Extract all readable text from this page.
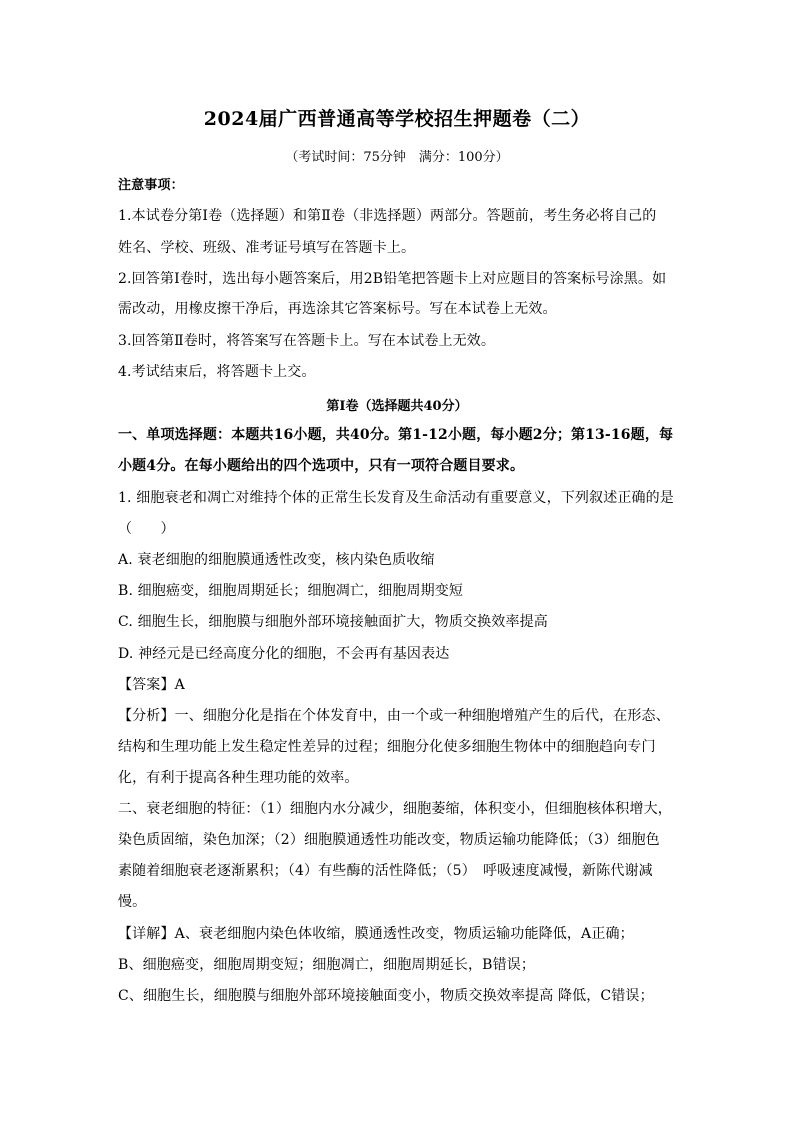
2024届广西普通高等学校招生押题卷（二）
（考试时间：75分钟　满分：100分）
注意事项：
1.本试卷分第Ⅰ卷（选择题）和第Ⅱ卷（非选择题）两部分。答题前，考生务必将自己的
姓名、学校、班级、准考证号填写在答题卡上。
2.回答第Ⅰ卷时，选出每小题答案后，用2B铅笔把答题卡上对应题目的答案标号涂黑。如
需改动，用橡皮擦干净后，再选涂其它答案标号。写在本试卷上无效。
3.回答第Ⅱ卷时，将答案写在答题卡上。写在本试卷上无效。
4.考试结束后，将答题卡上交。
第Ⅰ卷（选择题共40分）
一、单项选择题：本题共16小题，共40分。第1-12小题，每小题2分；第13-16题，每
小题4分。在每小题给出的四个选项中，只有一项符合题目要求。
1. 细胞衰老和凋亡对维持个体的正常生长发育及生命活动有重要意义，下列叙述正确的是
（　　）
A. 衰老细胞的细胞膜通透性改变，核内染色质收缩
B. 细胞癌变，细胞周期延长；细胞凋亡，细胞周期变短
C. 细胞生长，细胞膜与细胞外部环境接触面扩大，物质交换效率提高
D. 神经元是已经高度分化的细胞，不会再有基因表达
【答案】A
【分析】一、细胞分化是指在个体发育中，由一个或一种细胞增殖产生的后代，在形态、
结构和生理功能上发生稳定性差异的过程；细胞分化使多细胞生物体中的细胞趋向专门
化，有利于提高各种生理功能的效率。
二、衰老细胞的特征：（1）细胞内水分减少，细胞萎缩，体积变小，但细胞核体积增大，
染色质固缩，染色加深；（2）细胞膜通透性功能改变，物质运输功能降低；（3）细胞色
素随着细胞衰老逐渐累积；（4）有些酶的活性降低；（5）　呼吸速度减慢，新陈代谢减
慢。
【详解】A、衰老细胞内染色体收缩，膜通透性改变，物质运输功能降低，A正确；
B、细胞癌变，细胞周期变短；细胞凋亡，细胞周期延长，B错误；
C、细胞生长，细胞膜与细胞外部环境接触面变小，物质交换效率提高 降低，C错误；
